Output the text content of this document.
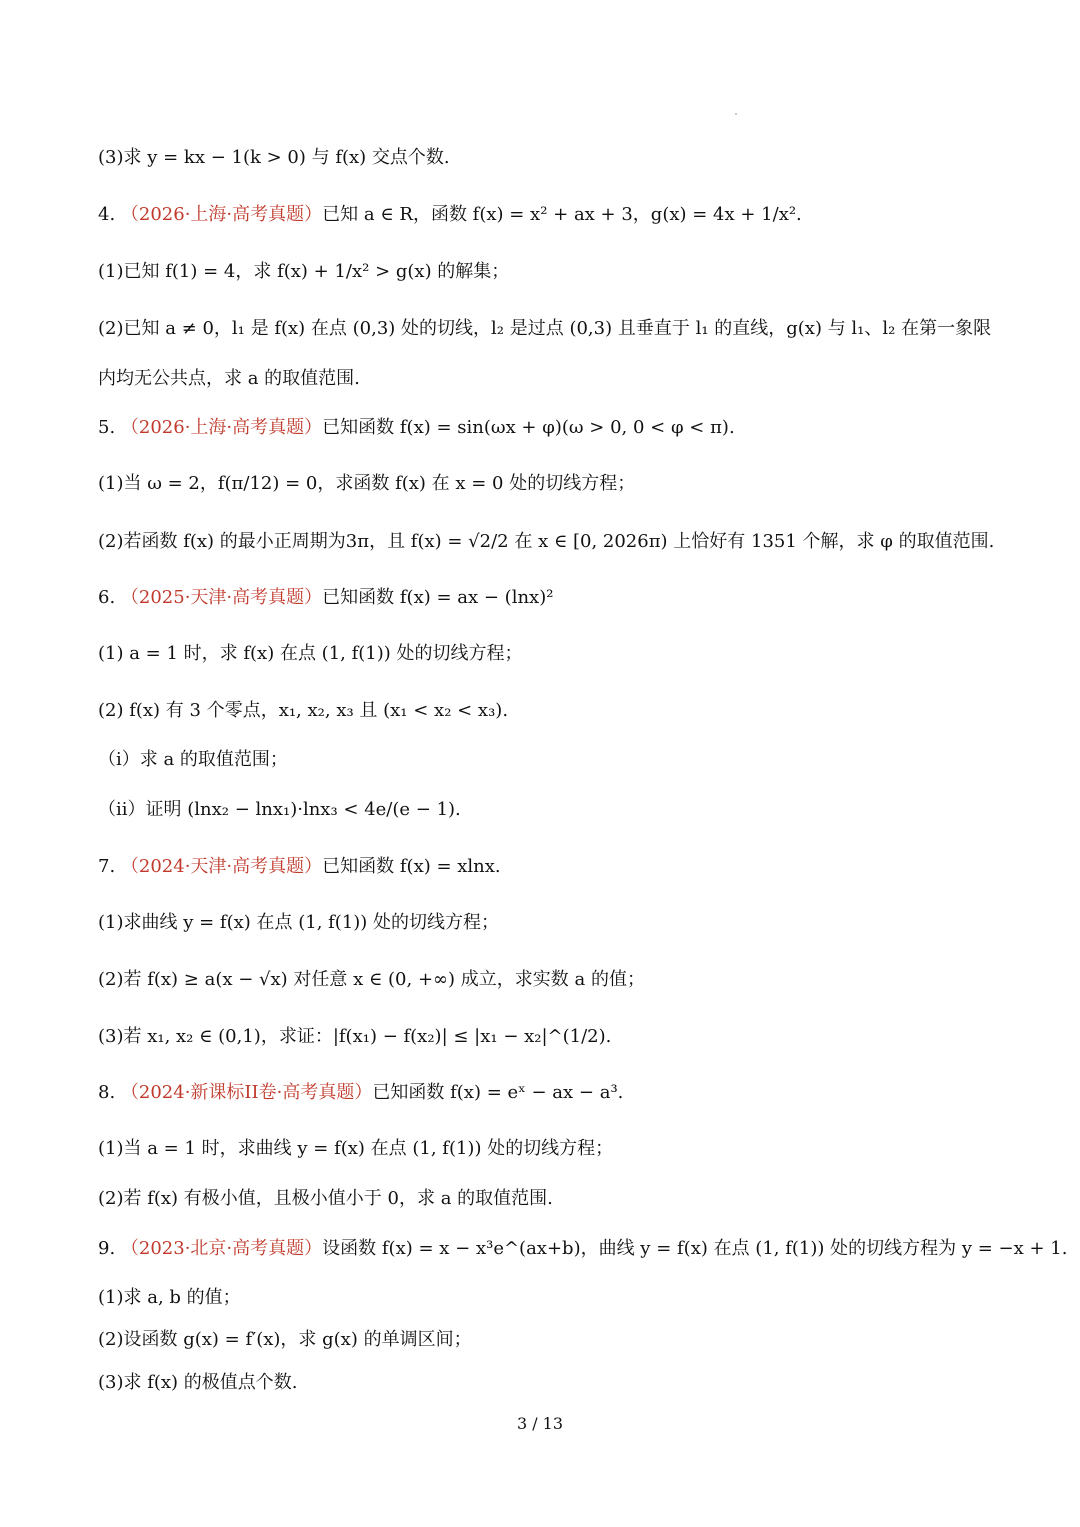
(3)求 y = kx − 1(k > 0) 与 f(x) 交点个数.
4. （2026·上海·高考真题）已知 a ∈ R，函数 f(x) = x² + ax + 3，g(x) = 4x + 1/x².
(1)已知 f(1) = 4，求 f(x) + 1/x² > g(x) 的解集；
(2)已知 a ≠ 0，l₁ 是 f(x) 在点 (0,3) 处的切线，l₂ 是过点 (0,3) 且垂直于 l₁ 的直线，g(x) 与 l₁、l₂ 在第一象限
内均无公共点，求 a 的取值范围.
5. （2026·上海·高考真题）已知函数 f(x) = sin(ωx + φ)(ω > 0, 0 < φ < π).
(1)当 ω = 2，f(π/12) = 0，求函数 f(x) 在 x = 0 处的切线方程；
(2)若函数 f(x) 的最小正周期为3π，且 f(x) = √2/2 在 x ∈ [0, 2026π) 上恰好有 1351 个解，求 φ 的取值范围.
6. （2025·天津·高考真题）已知函数 f(x) = ax − (lnx)²
(1) a = 1 时，求 f(x) 在点 (1, f(1)) 处的切线方程；
(2) f(x) 有 3 个零点，x₁, x₂, x₃ 且 (x₁ < x₂ < x₃).
（i）求 a 的取值范围；
（ii）证明 (lnx₂ − lnx₁)·lnx₃ < 4e/(e − 1).
7. （2024·天津·高考真题）已知函数 f(x) = xlnx.
(1)求曲线 y = f(x) 在点 (1, f(1)) 处的切线方程；
(2)若 f(x) ≥ a(x − √x) 对任意 x ∈ (0, +∞) 成立，求实数 a 的值；
(3)若 x₁, x₂ ∈ (0,1)，求证：|f(x₁) − f(x₂)| ≤ |x₁ − x₂|^(1/2).
8. （2024·新课标II卷·高考真题）已知函数 f(x) = eˣ − ax − a³.
(1)当 a = 1 时，求曲线 y = f(x) 在点 (1, f(1)) 处的切线方程；
(2)若 f(x) 有极小值，且极小值小于 0，求 a 的取值范围.
9. （2023·北京·高考真题）设函数 f(x) = x − x³e^(ax+b)，曲线 y = f(x) 在点 (1, f(1)) 处的切线方程为 y = −x + 1.
(1)求 a, b 的值；
(2)设函数 g(x) = f′(x)，求 g(x) 的单调区间；
(3)求 f(x) 的极值点个数.
3 / 13
